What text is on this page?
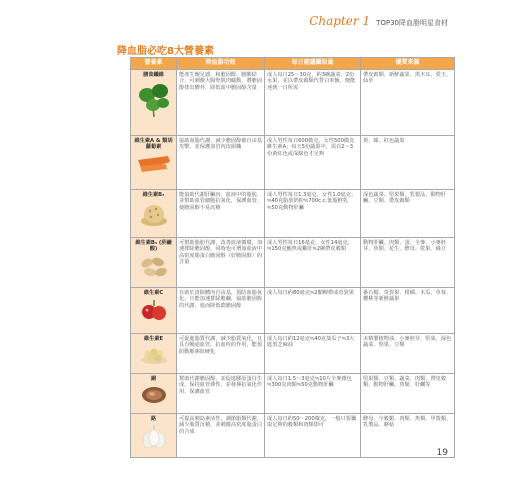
Chapter 1 TOP30降血脂明星食材
降血脂必吃8大營養素
營養素	降血脂功效	每日建議攝取量	優質來源

膳食纖維	能產生飽足感，和膽固醇、膽酸結合，可刺激大腸壁肌肉蠕動，將膽固醇排出體外，降低血中膽固醇含量	成人每日25～30克，約3碗蔬菜、2份水果，並以帶皮穀類代替白米飯，便能達到一日所需	帶皮穀類、新鮮蔬果、黑木耳、愛玉、仙草

維生素A & 類胡蘿蔔素	協助血脂代謝，減少膽固醇被自由基攻擊，並保護血管內皮組織	成人男性每日600微克，女性500微克維生素A；每天5份蔬果中，需有2～3份黃紅色或深綠色才足夠	黃、綠、紅色蔬果

維生素B₃	能協助代謝肝臟內、血液中的脂肪，並幫助血管細胞抗氧化，保護血管，使膽固醇不易沉積	成人男性每日1.3毫克，女性1.0毫克；≒40克脂肪奶粉≒700c.c.低脂鮮乳≒50克動物肝臟	深色蔬菜、堅果類、乳製品、動物肝臟、豆類、帶皮穀類

維生素B₅ (菸鹼酸)	可幫助脂肪代謝，改善血液循環，加速排除膽固醇，同時也可增加血液中高密度脂蛋白膽固醇（好膽固醇）的含量	成人男性每日16毫克，女性14毫克；≒150克鮪魚或雞肝≒2碗帶皮穀類	動物肝臟、肉類、蛋、全麥、小麥胚芽、魚類、花生、酵母、乾果、綠豆

維生素C	有助於清除體內自由基，預防血脂氧化，且能加速排除膽鹼，協助膽固醇的代謝，進而降低總膽固醇	成人每日約80毫克≒2顆柳橙或奇異果	番石榴、奇異果、柑橘、木瓜、草莓、櫻桃等新鮮蔬果

維生素E	可促進脂質代謝，減少脂質氧化，且具有暢通血管、抗血栓的作用，能預防動脈粥狀硬化	成人每日約12毫克≒40克葵瓜子≒3大匙黑芝麻油	未精製植物油、小麥胚芽、堅果、深色蔬菜、堅果、豆類

銅	幫助代謝膽固醇，並促進膠原蛋白生成，保持血管彈性，並發揮抗氧化作用，保護血管	成人每日1.5～3毫克≒10片全麥雜包≒300克肉類≒50克動物肝臟	堅果類、豆類、蔬菜、肉類、帶皮穀類、動物肝臟、魚類、牡蠣等

鉻	可提高胰島素活性，調節脂類代謝，減少脂質沉積，並刺激高密度脂蛋白的合成	成人每日約50～200微克，一般只要攝取足夠的穀類和肉類即可	酵母、全穀類、肉類、魚類、甲殼類、乳製品、蘑菇
19
